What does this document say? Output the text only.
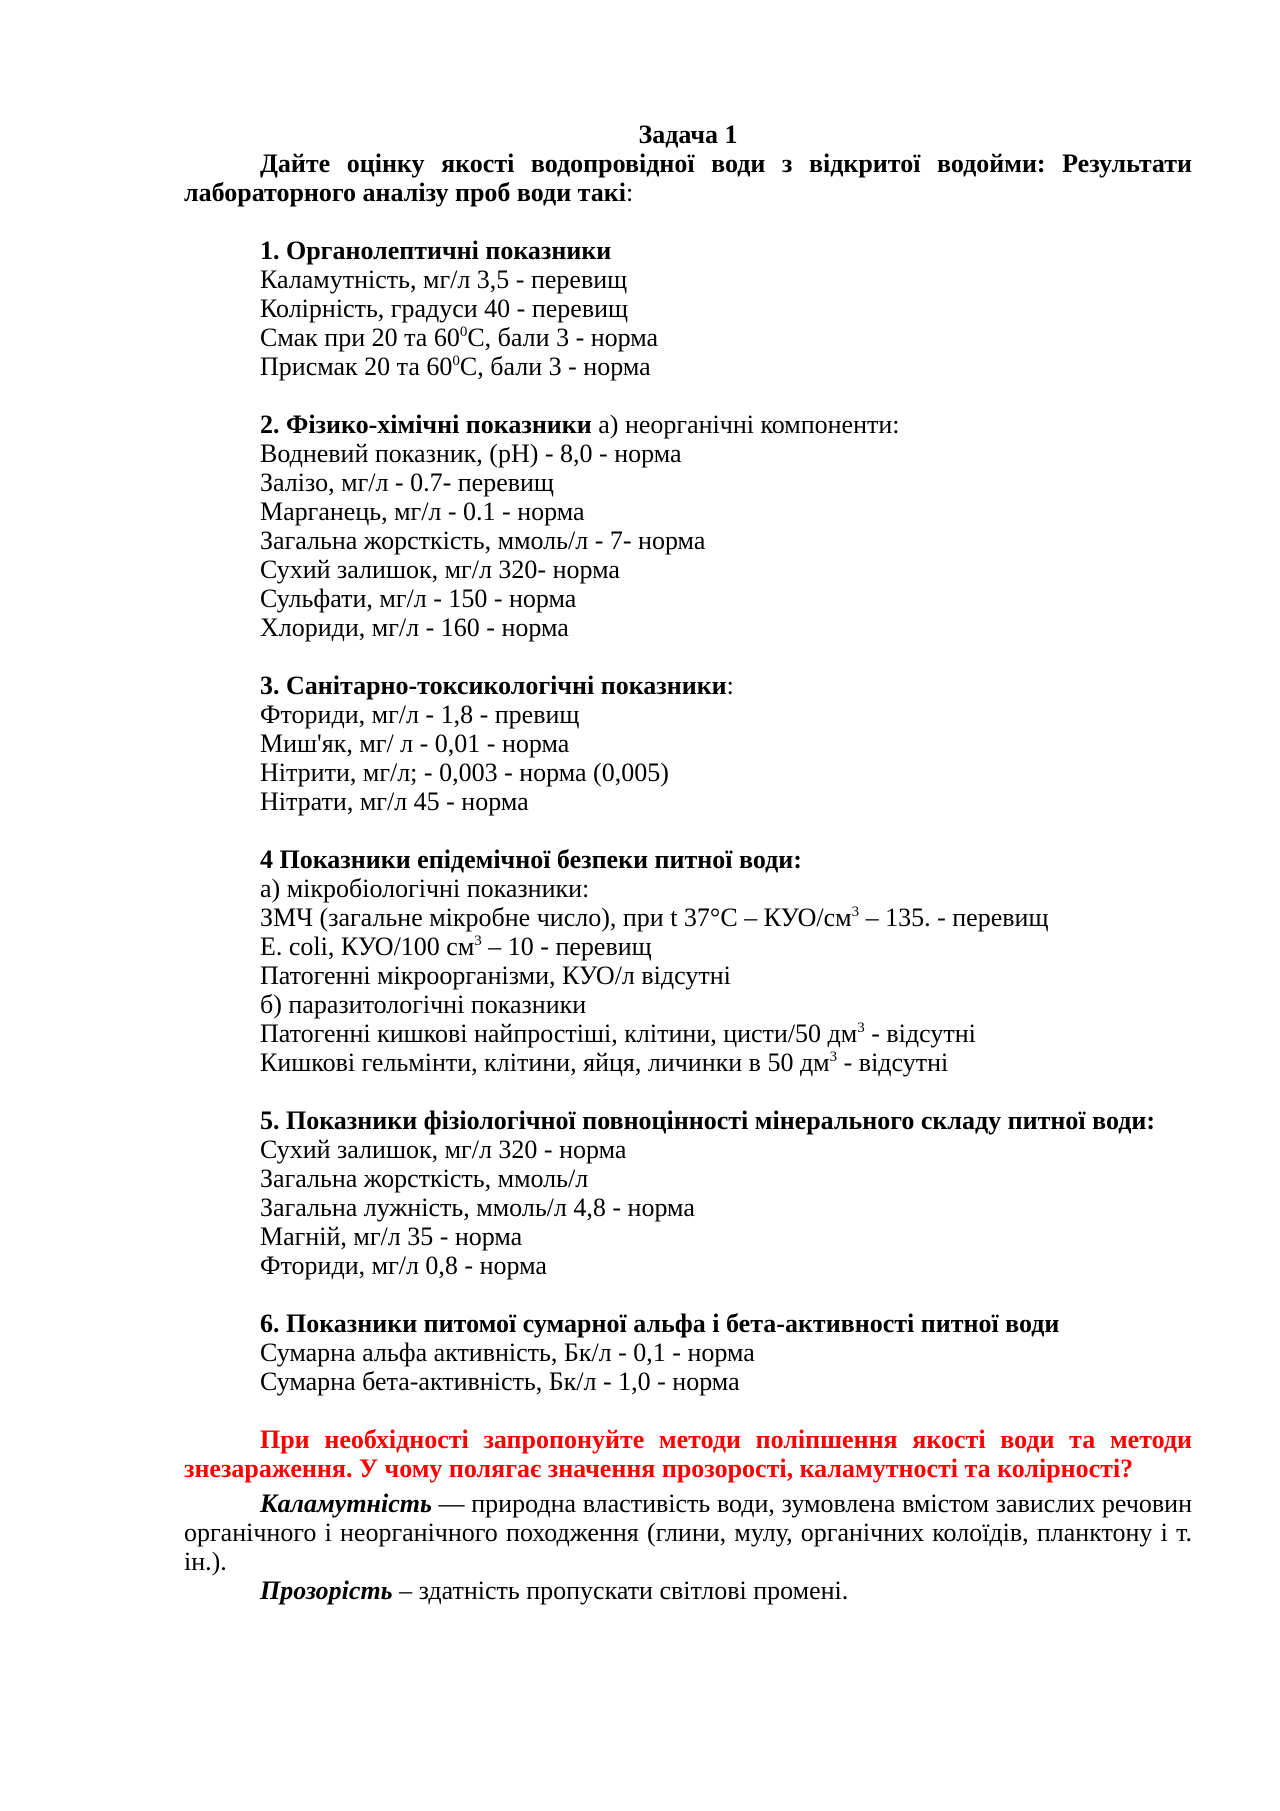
Задача 1
Дайте оцінку якості водопровідної води з відкритої водойми: Результати лабораторного аналізу проб води такі:
1. Органолептичні показники
Каламутність, мг/л 3,5 - перевищ
Колірність, градуси 40 - перевищ
Смак при 20 та $60^0С$, бали 3 - норма
Присмак 20 та $60^0С$, бали 3 - норма
2. Фізико-хімічні показники а) неорганічні компоненти:
Водневий показник, (рН) - 8,0 - норма
Залізо, мг/л - 0.7- перевищ
Марганець, мг/л - 0.1 - норма
Загальна жорсткість, ммоль/л - 7- норма
Сухий залишок, мг/л 320- норма
Сульфати, мг/л - 150 - норма
Хлориди, мг/л - 160 - норма
3. Санітарно-токсикологічні показники:
Фториди, мг/л - 1,8 - превищ
Миш'як, мг/ л - 0,01 - норма
Нітрити, мг/л; - 0,003 - норма (0,005)
Нітрати, мг/л 45 - норма
4 Показники епідемічної безпеки питної води:
а) мікробіологічні показники:
ЗМЧ (загальне мікробне число), при t 37°С – КУО/$см^3 - 135$. - перевищ
E. coli, КУО/100 $см^3 - 10$ - перевищ
Патогенні мікроорганізми, КУО/л відсутні
б) паразитологічні показники
Патогенні кишкові найпростіші, клітини, цисти/50 $дм^3$ - відсутні
Кишкові гельмінти, клітини, яйця, личинки в 50 $дм^3$ - відсутні
5. Показники фізіологічної повноцінності мінерального складу питної води:
Сухий залишок, мг/л 320 - норма
Загальна жорсткість, ммоль/л
Загальна лужність, ммоль/л 4,8 - норма
Магній, мг/л 35 - норма
Фториди, мг/л 0,8 - норма
6. Показники питомої сумарної альфа і бета-активності питної води
Сумарна альфа активність, Бк/л - 0,1 - норма
Сумарна бета-активність, Бк/л - 1,0 - норма
При необхідності запропонуйте методи поліпшення якості води та методи знезараження. У чому полягає значення прозорості, каламутності та колірності?
Каламутність — природна властивість води, зумовлена вмістом завислих речовин органічного і неорганічного походження (глини, мулу, органічних колоїдів, планктону і т. ін.).
Прозорість – здатність пропускати світлові промені.
